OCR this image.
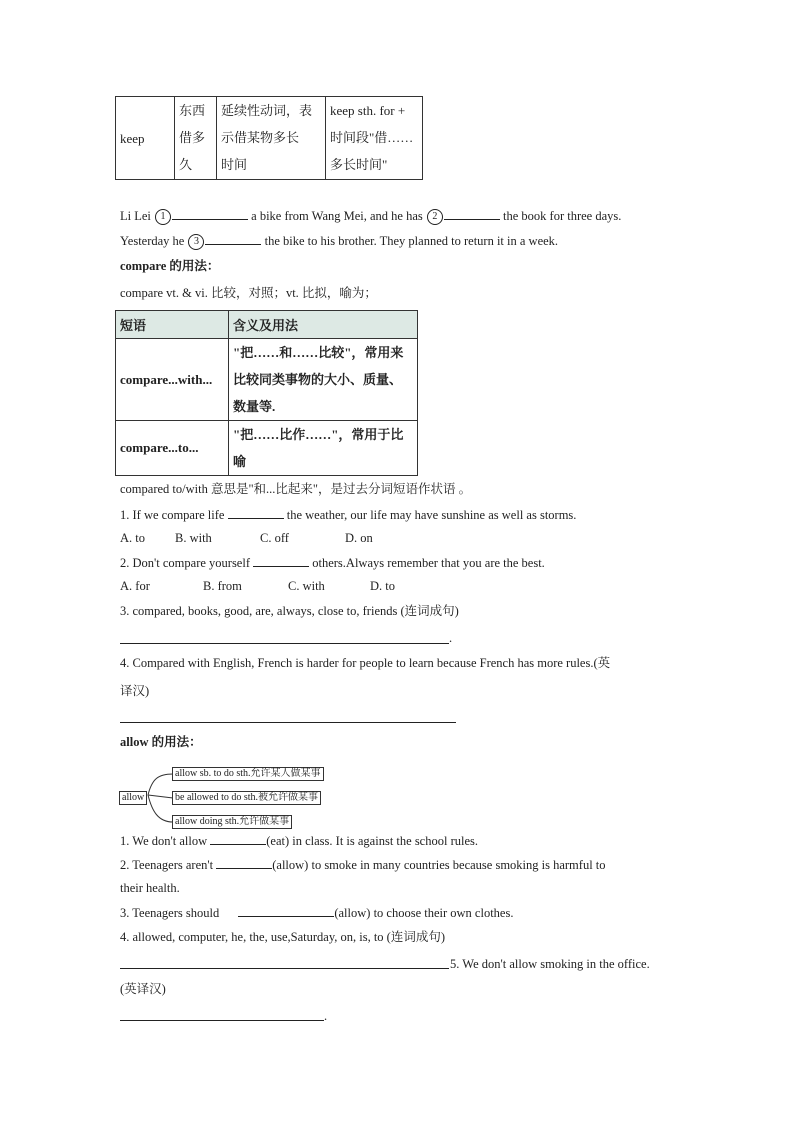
keep	
东西
借多
久

延续性动词，表
示借某物多长
时间

keep sth. for +
时间段"借……
多长时间"
Li Lei 1	a bike from Wang Mei, and he has 2	the book for three days.
Yesterday he 3	the bike to his brother. They planned to return it in a week.
compare 的用法：
compare vt. & vi. 比较，对照；vt. 比拟，喻为；
短语	含义及用法
compare...with...	"把……和……比较"，常用来
比较同类事物的大小、质量、
数量等.

compare...to...	"把……比作……"，常用于比
喻
compared to/with 意思是"和...比起来"，是过去分词短语作状语 。
1. If we compare life	the weather, our life may have sunshine as well as storms.
A. to B. with	C. off	D. on
2. Don't compare yourself	others.Always remember that you are the best.
A. for	B. from	C. with	D. to
3. compared, books, good, are, always, close to, friends (连词成句)
.
4. Compared with English, French is harder for people to learn because French has more rules.(英
译汉)
allow 的用法：
allow
allow sb. to do sth.允许某人做某事
be allowed to do sth.被允许做某事
allow doing sth.允许做某事
1. We don't allow	(eat) in class. It is against the school rules.
2. Teenagers aren't	(allow) to smoke in many countries because smoking is harmful to
their health.
3. Teenagers should	(allow) to choose their own clothes.
4. allowed, computer, he, the, use,Saturday, on, is, to (连词成句)
5. We don't allow smoking in the office.
(英译汉)
.
